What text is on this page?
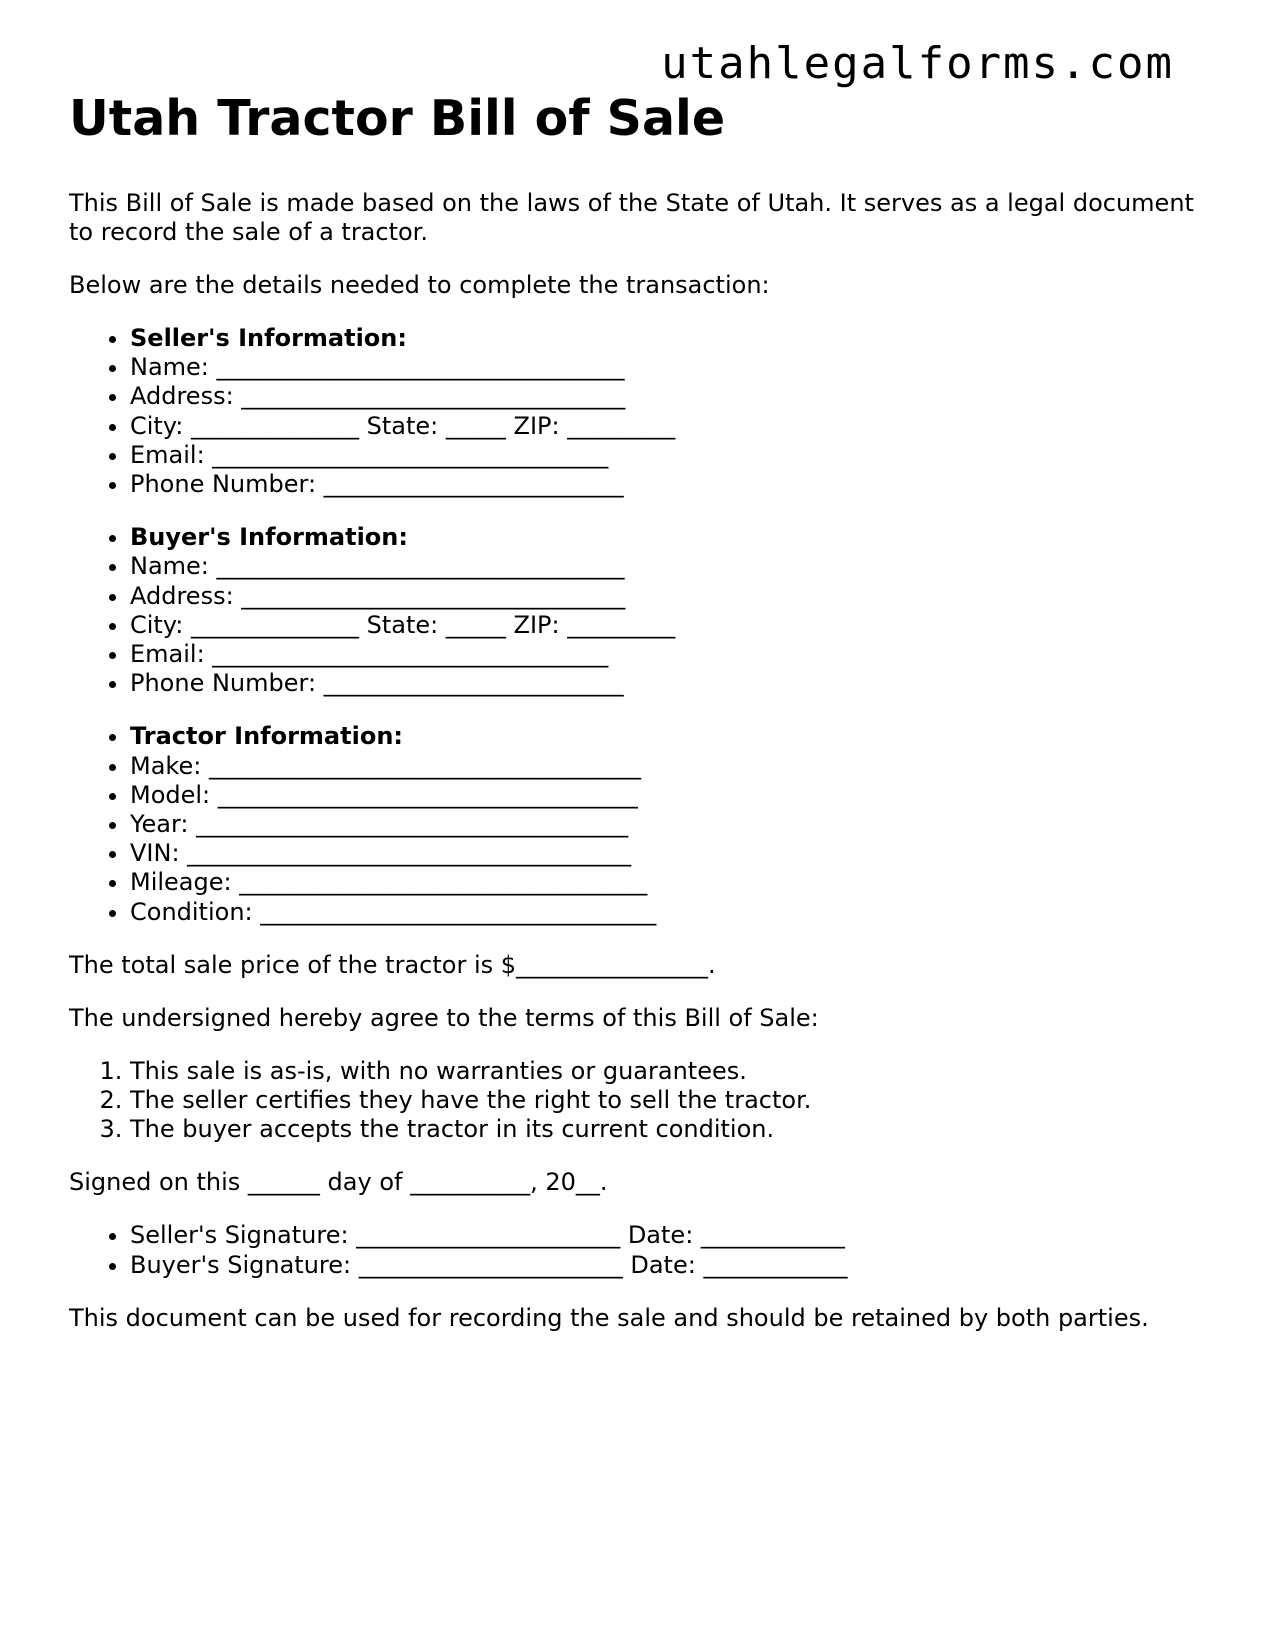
utahlegalforms.com
Utah Tractor Bill of Sale

This Bill of Sale is made based on the laws of the State of Utah. It serves as a legal document to record the sale of a tractor.

Below are the details needed to complete the transaction:

• Seller's Information:
• Name: __________________________________
• Address: ________________________________
• City: ______________ State: _____ ZIP: _________
• Email: _________________________________
• Phone Number: _________________________
• Buyer's Information:
• Name: __________________________________
• Address: ________________________________
• City: ______________ State: _____ ZIP: _________
• Email: _________________________________
• Phone Number: _________________________
• Tractor Information:
• Make: ____________________________________
• Model: ___________________________________
• Year: ____________________________________
• VIN: _____________________________________
• Mileage: __________________________________
• Condition: _________________________________

The total sale price of the tractor is $________________.

The undersigned hereby agree to the terms of this Bill of Sale:

1. This sale is as-is, with no warranties or guarantees.
2. The seller certifies they have the right to sell the tractor.
3. The buyer accepts the tractor in its current condition.

Signed on this ______ day of __________, 20__.

• Seller's Signature: ______________________ Date: ____________
• Buyer's Signature: ______________________ Date: ____________

This document can be used for recording the sale and should be retained by both parties.
